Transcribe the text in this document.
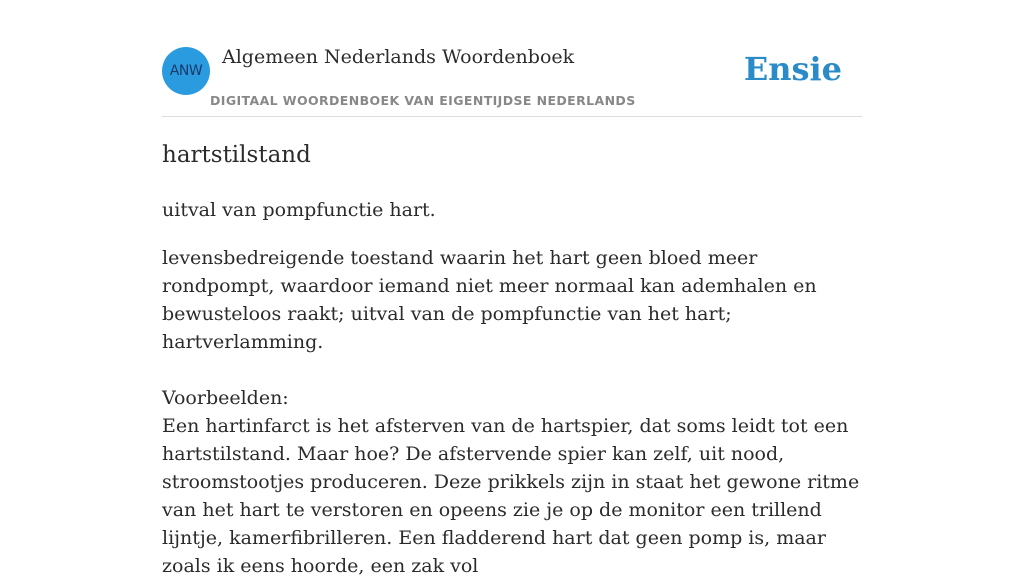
ANW
Algemeen Nederlands Woordenboek
DIGITAAL WOORDENBOEK VAN EIGENTIJDSE NEDERLANDS
Ensie
hartstilstand

uitval van pompfunctie hart.

levensbedreigende toestand waarin het hart geen bloed meer rondpompt, waardoor iemand niet meer normaal kan ademhalen en bewusteloos raakt; uitval van de pompfunctie van het hart; hartverlamming.

Voorbeelden:

Een hartinfarct is het afsterven van de hartspier, dat soms leidt tot een hartstilstand. Maar hoe? De afstervende spier kan zelf, uit nood, stroomstootjes produceren. Deze prikkels zijn in staat het gewone ritme van het hart te verstoren en opeens zie je op de monitor een trillend lijntje, kamerfibrilleren. Een fladderend hart dat geen pomp is, maar zoals ik eens hoorde, een zak vol
